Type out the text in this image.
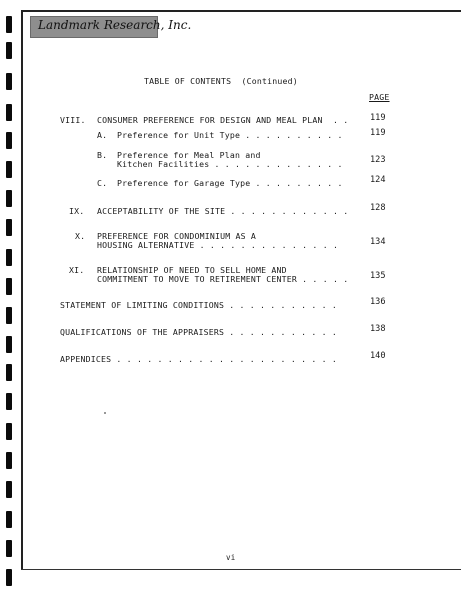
Landmark Research, Inc.
TABLE OF CONTENTS  (Continued)
PAGE
VIII. CONSUMER PREFERENCE FOR DESIGN AND MEAL PLAN  . .	119
A. Preference for Unit Type . . . . . . . . . .	119
B. Preference for Meal Plan and
Kitchen Facilities . . . . . . . . . . . . .	123
C. Preference for Garage Type . . . . . . . . .	124
IX. ACCEPTABILITY OF THE SITE . . . . . . . . . . . .	128
X. PREFERENCE FOR CONDOMINIUM AS A
HOUSING ALTERNATIVE . . . . . . . . . . . . . .	134
XI. RELATIONSHIP OF NEED TO SELL HOME AND
COMMITMENT TO MOVE TO RETIREMENT CENTER . . . . .	135
STATEMENT OF LIMITING CONDITIONS . . . . . . . . . . .	136
QUALIFICATIONS OF THE APPRAISERS . . . . . . . . . . .	138
APPENDICES . . . . . . . . . . . . . . . . . . . . . .	140
vi
